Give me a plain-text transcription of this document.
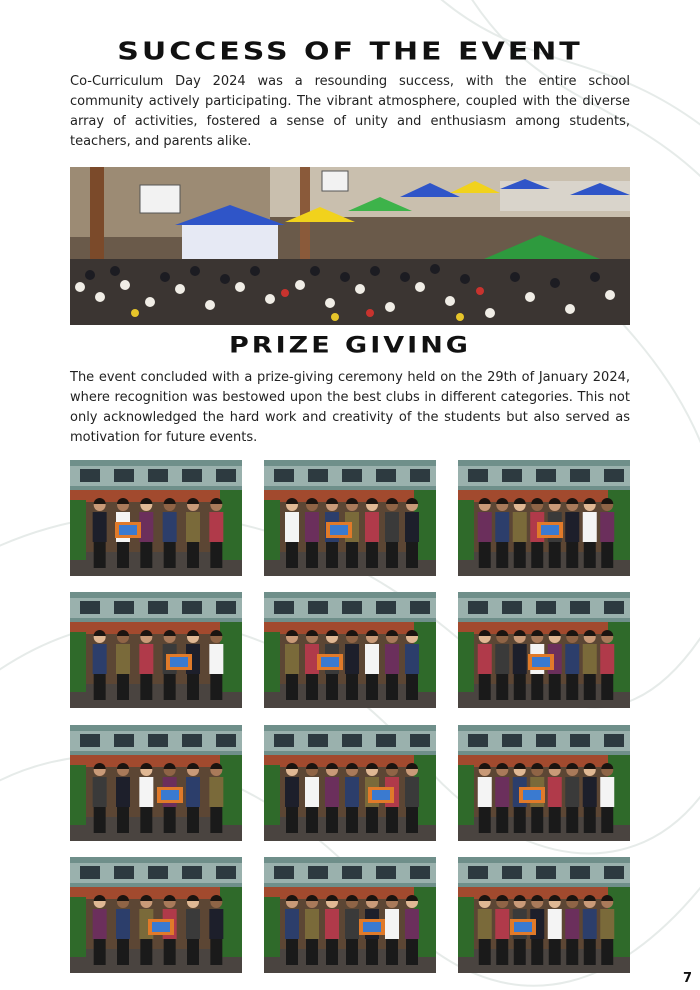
SUCCESS OF THE EVENT

Co-Curriculum Day 2024 was a resounding success, with the entire school community actively participating. The vibrant atmosphere, coupled with the diverse array of activities, fostered a sense of unity and enthusiasm among students, teachers, and parents alike.

PRIZE GIVING

The event concluded with a prize-giving ceremony held on the 29th of January 2024, where recognition was bestowed upon the best clubs in different categories. This not only acknowledged the hard work and creativity of the students but also served as motivation for future events.

7
